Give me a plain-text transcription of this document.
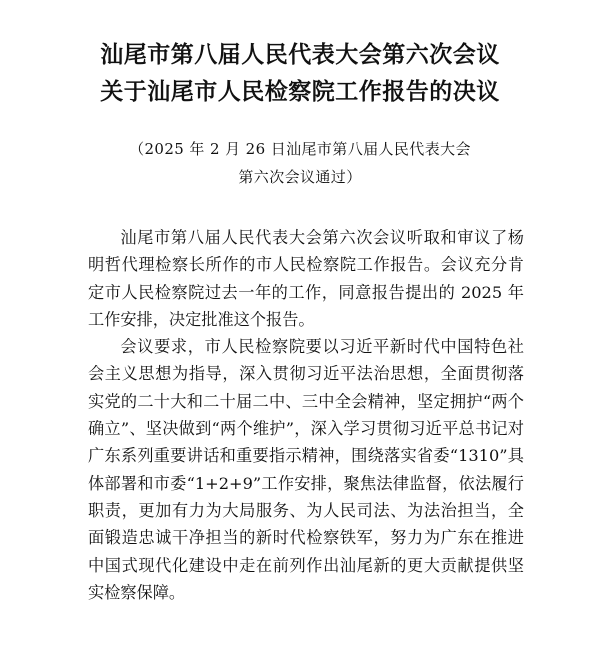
汕尾市第八届人民代表大会第六次会议
关于汕尾市人民检察院工作报告的决议

（2025 年 2 月 26 日汕尾市第八届人民代表大会

第六次会议通过）

汕尾市第八届人民代表大会第六次会议听取和审议了杨明哲代理检察长所作的市人民检察院工作报告。会议充分肯定市人民检察院过去一年的工作，同意报告提出的 2025 年工作安排，决定批准这个报告。

会议要求，市人民检察院要以习近平新时代中国特色社会主义思想为指导，深入贯彻习近平法治思想，全面贯彻落实党的二十大和二十届二中、三中全会精神，坚定拥护“两个确立”、坚决做到“两个维护”，深入学习贯彻习近平总书记对广东系列重要讲话和重要指示精神，围绕落实省委“1310”具体部署和市委“1+2+9”工作安排，聚焦法律监督，依法履行职责，更加有力为大局服务、为人民司法、为法治担当，全面锻造忠诚干净担当的新时代检察铁军，努力为广东在推进中国式现代化建设中走在前列作出汕尾新的更大贡献提供坚实检察保障。
